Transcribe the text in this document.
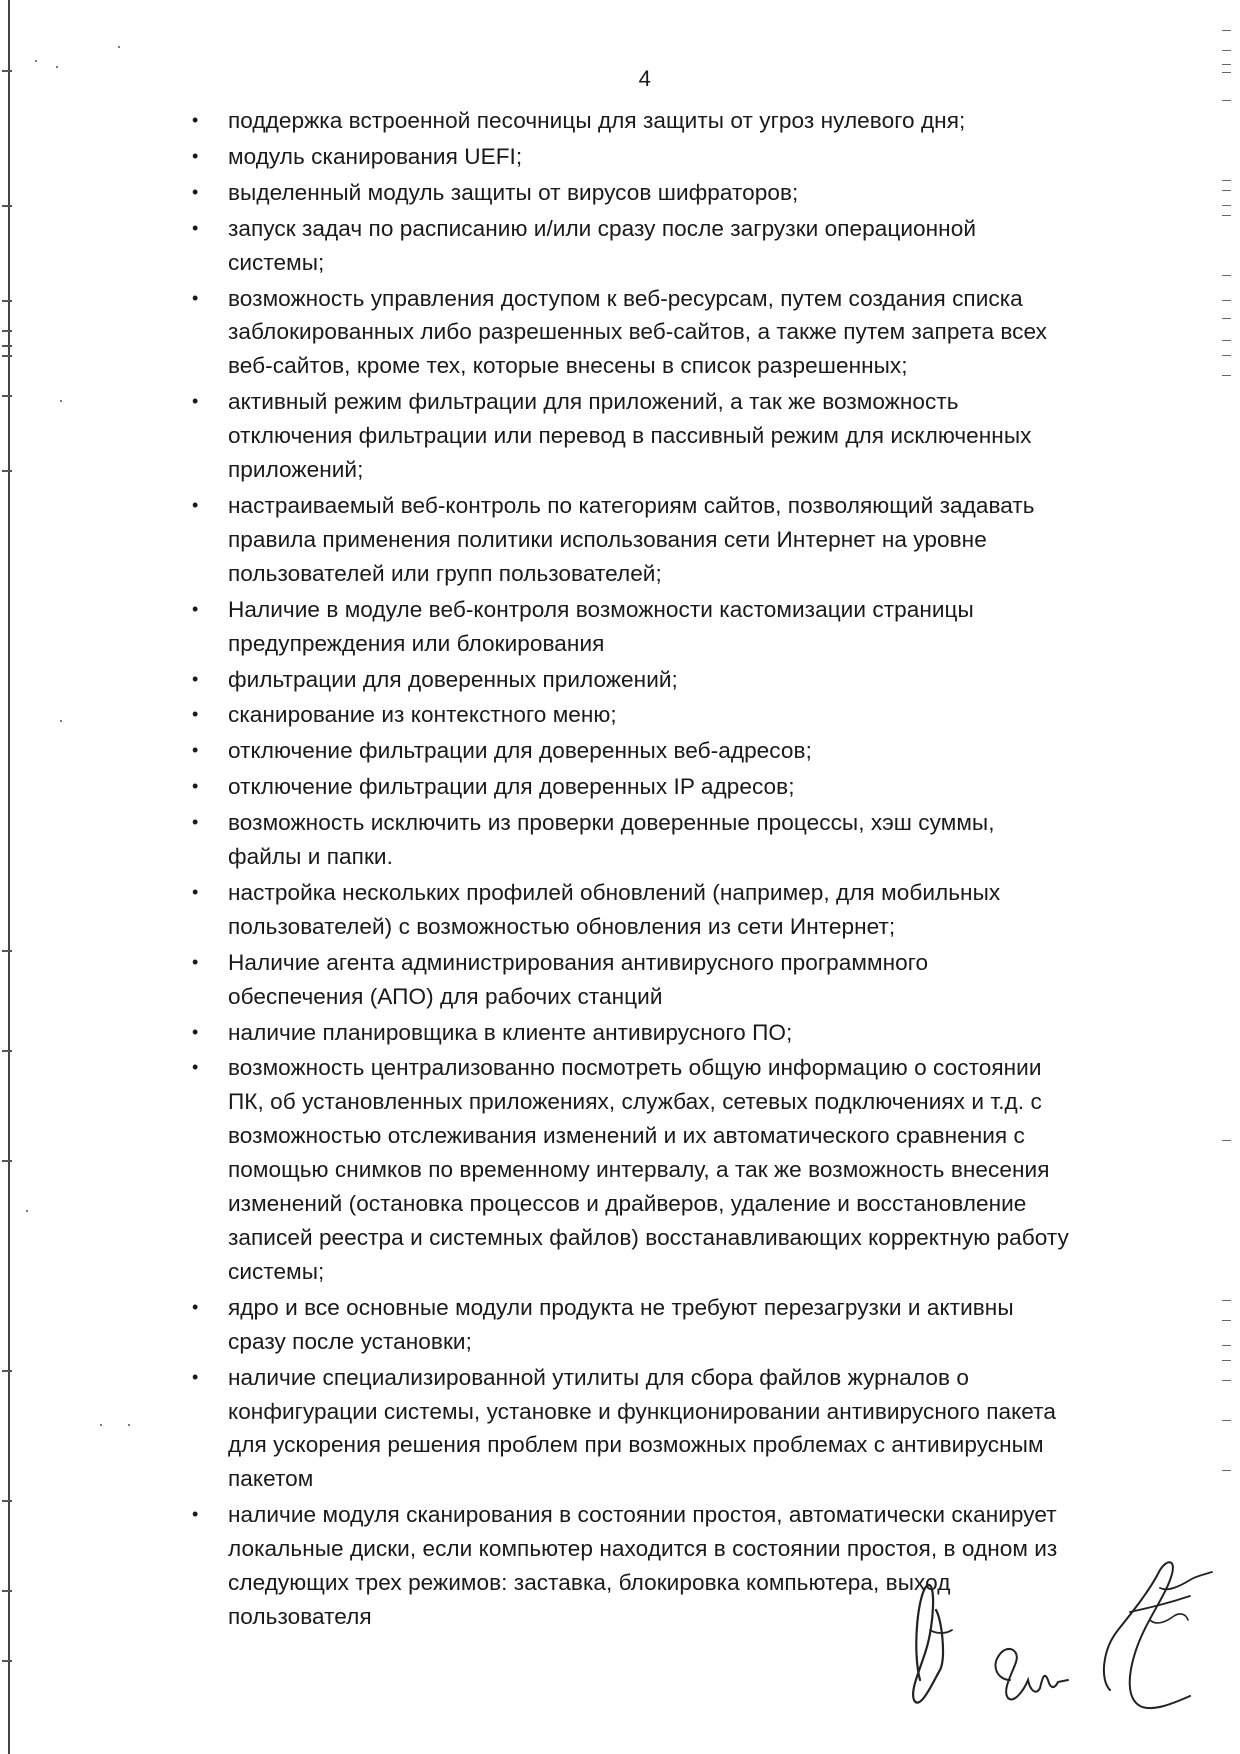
4
• поддержка встроенной песочницы для защиты от угроз нулевого дня;
• модуль сканирования UEFI;
• выделенный модуль защиты от вирусов шифраторов;
• запуск задач по расписанию и/или сразу после загрузки операционной
системы;
• возможность управления доступом к веб-ресурсам, путем создания списка
заблокированных либо разрешенных веб-сайтов, а также путем запрета всех
веб-сайтов, кроме тех, которые внесены в список разрешенных;
• активный режим фильтрации для приложений, а так же возможность
отключения фильтрации или перевод в пассивный режим для исключенных
приложений;
• настраиваемый веб-контроль по категориям сайтов, позволяющий задавать
правила применения политики использования сети Интернет на уровне
пользователей или групп пользователей;
• Наличие в модуле веб-контроля возможности кастомизации страницы
предупреждения или блокирования
• фильтрации для доверенных приложений;
• сканирование из контекстного меню;
• отключение фильтрации для доверенных веб-адресов;
• отключение фильтрации для доверенных IP адресов;
• возможность исключить из проверки доверенные процессы, хэш суммы,
файлы и папки.
• настройка нескольких профилей обновлений (например, для мобильных
пользователей) с возможностью обновления из сети Интернет;
• Наличие агента администрирования антивирусного программного
обеспечения (АПО) для рабочих станций
• наличие планировщика в клиенте антивирусного ПО;
• возможность централизованно посмотреть общую информацию о состоянии
ПК, об установленных приложениях, службах, сетевых подключениях и т.д. с
возможностью отслеживания изменений и их автоматического сравнения с
помощью снимков по временному интервалу, а так же возможность внесения
изменений (остановка процессов и драйверов, удаление и восстановление
записей реестра и системных файлов) восстанавливающих корректную работу
системы;
• ядро и все основные модули продукта не требуют перезагрузки и активны
сразу после установки;
• наличие специализированной утилиты для сбора файлов журналов о
конфигурации системы, установке и функционировании антивирусного пакета
для ускорения решения проблем при возможных проблемах с антивирусным
пакетом
• наличие модуля сканирования в состоянии простоя, автоматически сканирует
локальные диски, если компьютер находится в состоянии простоя, в одном из
следующих трех режимов: заставка, блокировка компьютера, выход
пользователя
